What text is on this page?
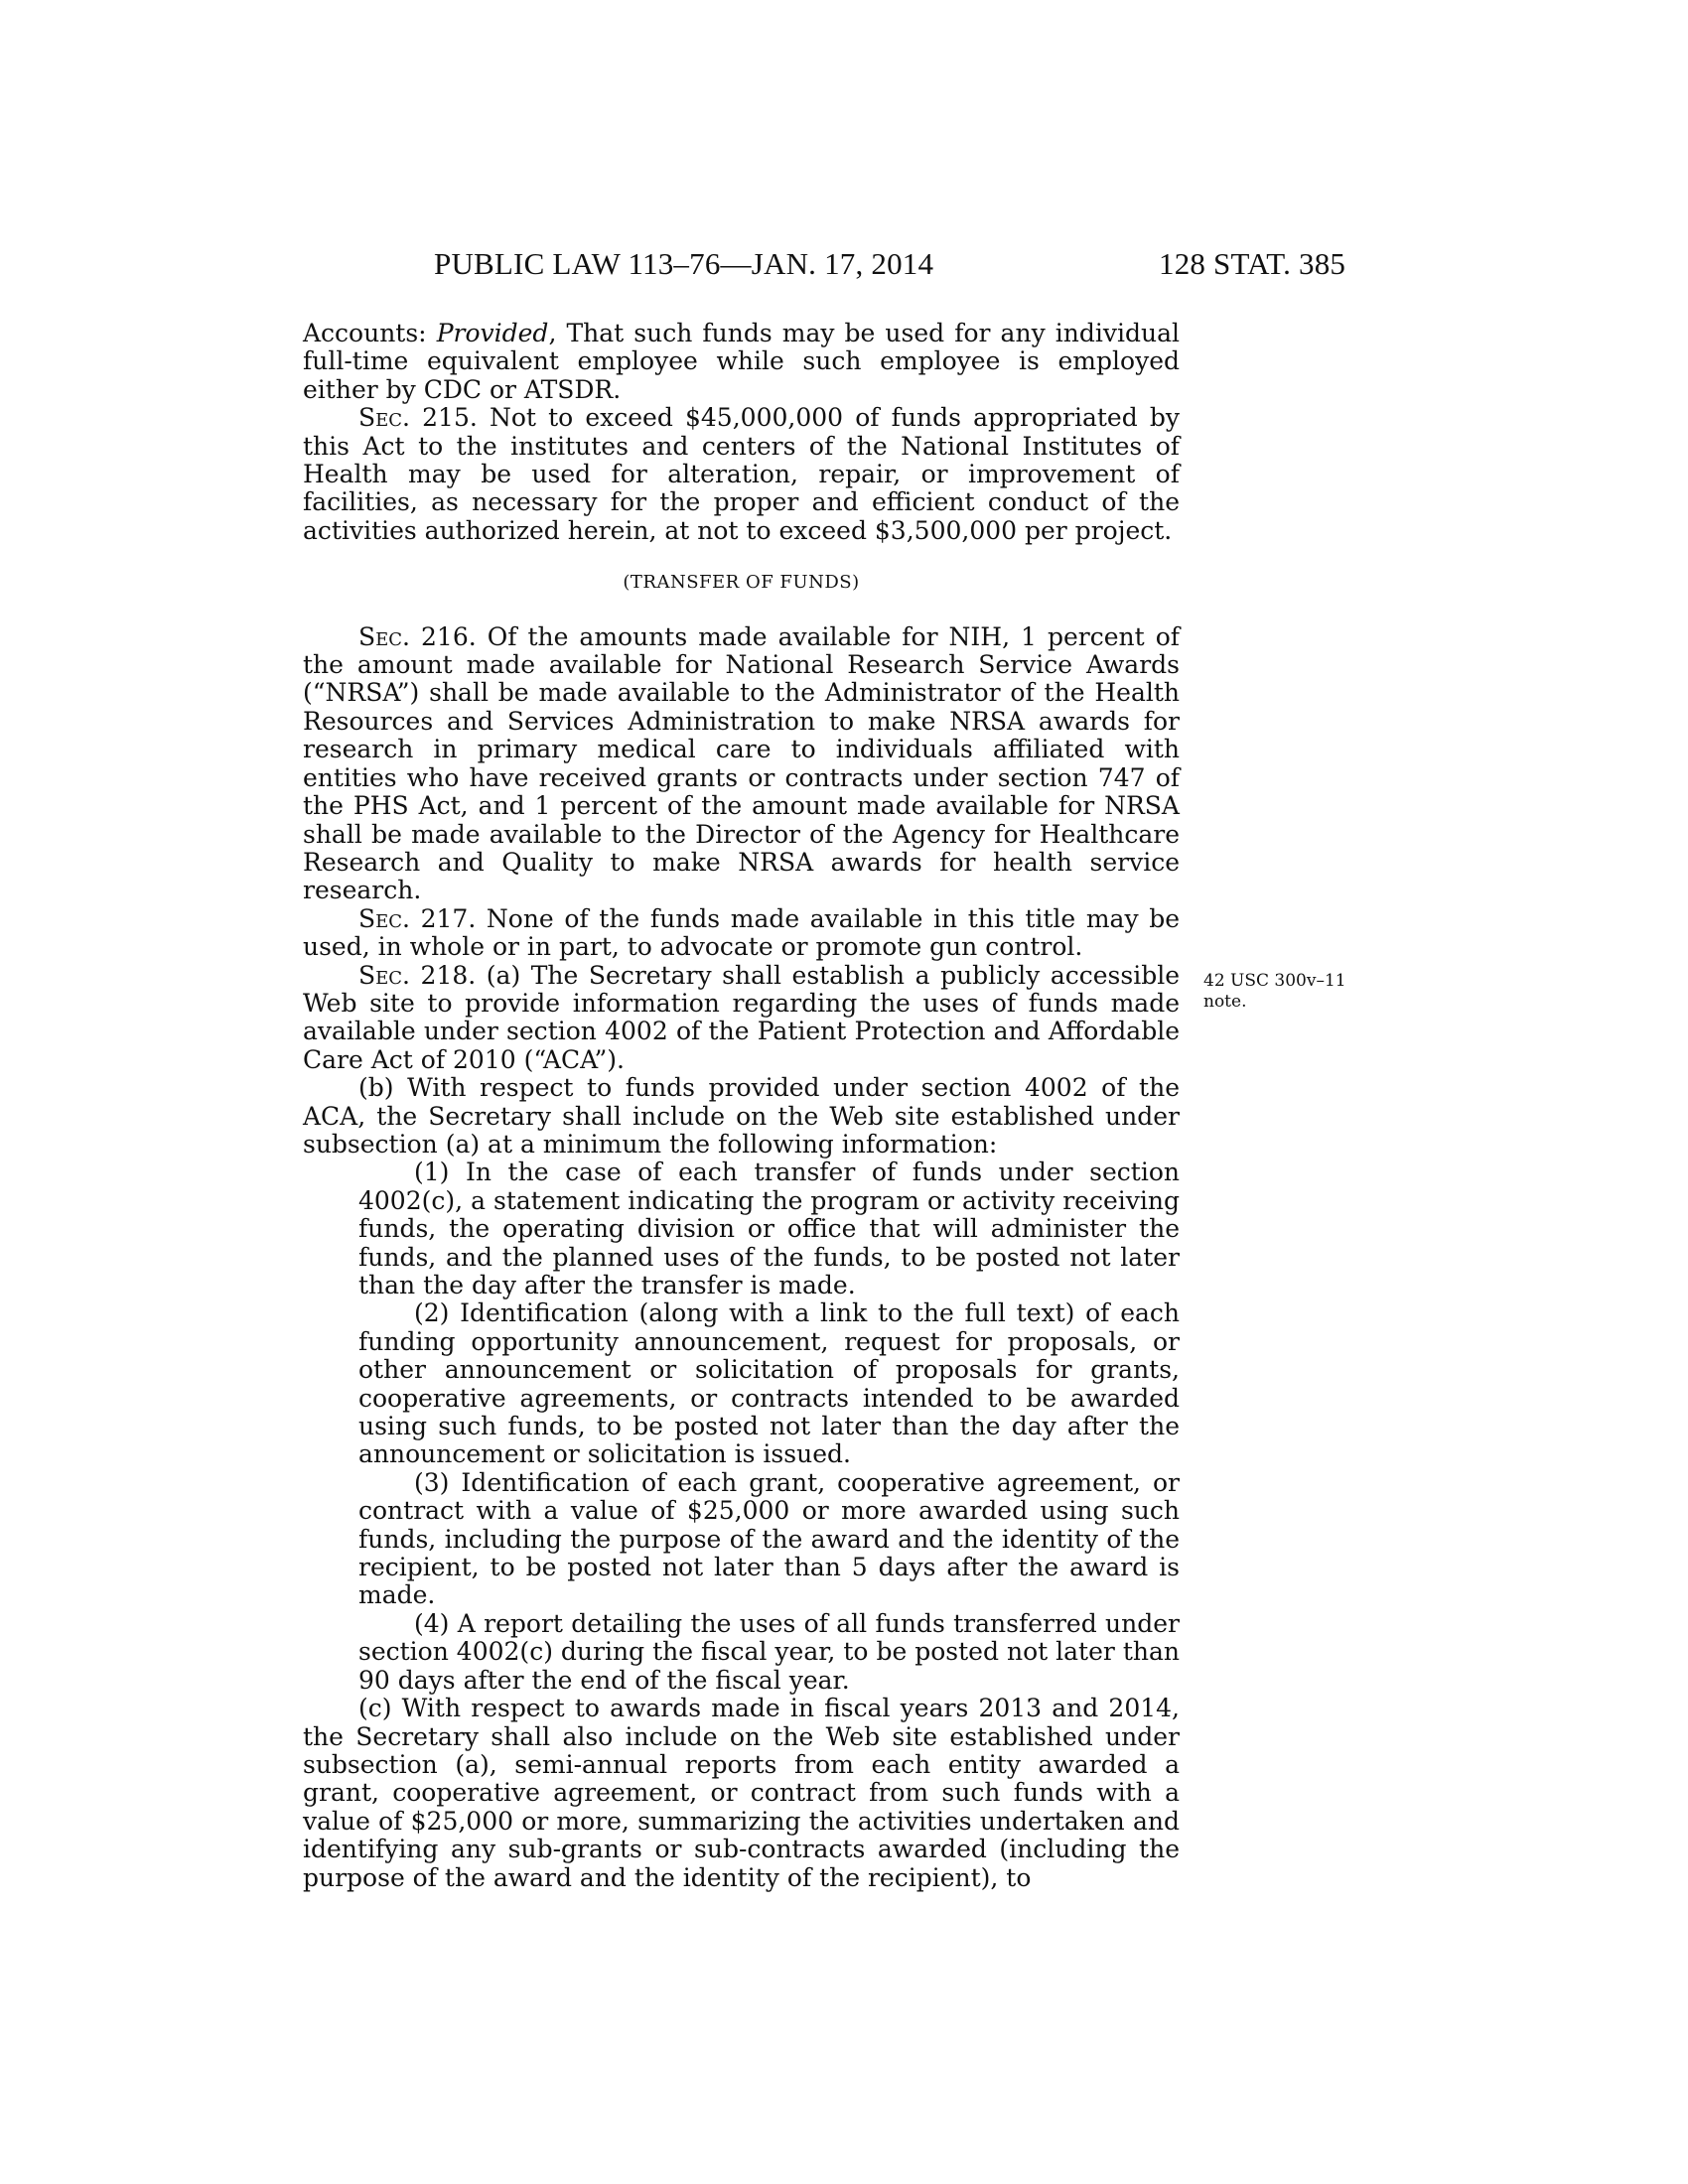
PUBLIC LAW 113–76—JAN. 17, 2014	128 STAT. 385

Accounts: Provided, That such funds may be used for any individual full-time equivalent employee while such employee is employed either by CDC or ATSDR.

Sec. 215. Not to exceed $45,000,000 of funds appropriated by this Act to the institutes and centers of the National Institutes of Health may be used for alteration, repair, or improvement of facilities, as necessary for the proper and efficient conduct of the activities authorized herein, at not to exceed $3,500,000 per project.

(TRANSFER OF FUNDS)

Sec. 216. Of the amounts made available for NIH, 1 percent of the amount made available for National Research Service Awards (“NRSA”) shall be made available to the Administrator of the Health Resources and Services Administration to make NRSA awards for research in primary medical care to individuals affiliated with entities who have received grants or contracts under section 747 of the PHS Act, and 1 percent of the amount made available for NRSA shall be made available to the Director of the Agency for Healthcare Research and Quality to make NRSA awards for health service research.

Sec. 217. None of the funds made available in this title may be used, in whole or in part, to advocate or promote gun control.

Sec. 218. (a) The Secretary shall establish a publicly accessible Web site to provide information regarding the uses of funds made available under section 4002 of the Patient Protection and Affordable Care Act of 2010 (“ACA”).

(b) With respect to funds provided under section 4002 of the ACA, the Secretary shall include on the Web site established under subsection (a) at a minimum the following information:

(1) In the case of each transfer of funds under section 4002(c), a statement indicating the program or activity receiving funds, the operating division or office that will administer the funds, and the planned uses of the funds, to be posted not later than the day after the transfer is made.

(2) Identification (along with a link to the full text) of each funding opportunity announcement, request for proposals, or other announcement or solicitation of proposals for grants, cooperative agreements, or contracts intended to be awarded using such funds, to be posted not later than the day after the announcement or solicitation is issued.

(3) Identification of each grant, cooperative agreement, or contract with a value of $25,000 or more awarded using such funds, including the purpose of the award and the identity of the recipient, to be posted not later than 5 days after the award is made.

(4) A report detailing the uses of all funds transferred under section 4002(c) during the fiscal year, to be posted not later than 90 days after the end of the fiscal year.

(c) With respect to awards made in fiscal years 2013 and 2014, the Secretary shall also include on the Web site established under subsection (a), semi-annual reports from each entity awarded a grant, cooperative agreement, or contract from such funds with a value of $25,000 or more, summarizing the activities undertaken and identifying any sub-grants or sub-contracts awarded (including the purpose of the award and the identity of the recipient), to

42 USC 300v–11
note.
